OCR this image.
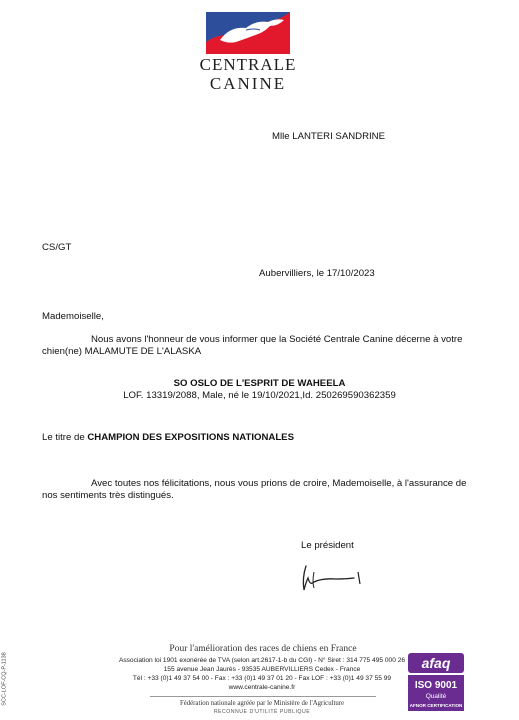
CENTRALE
CANINE
Mlle LANTERI SANDRINE
CS/GT
Aubervilliers, le 17/10/2023
Mademoiselle,
Nous avons l'honneur de vous informer que la Société Centrale Canine décerne à votre
chien(ne) MALAMUTE DE L'ALASKA
SO OSLO DE L'ESPRIT DE WAHEELA
LOF. 13319/2088, Male, né le 19/10/2021,Id. 250269590362359
Le titre de CHAMPION DES EXPOSITIONS NATIONALES
Avec toutes nos félicitations, nous vous prions de croire, Mademoiselle, à l'assurance de
nos sentiments très distingués.
Le président
SCC-LOF-CQ-P-1138
Pour l'amélioration des races de chiens en France
Association loi 1901 exonérée de TVA (selon art.2617-1-b du CGI) - N° Siret : 314 775 495 000 26
155 avenue Jean Jaurès - 93535 AUBERVILLIERS Cedex - France
Tél : +33 (0)1 49 37 54 00 - Fax : +33 (0)1 49 37 01 20 - Fax LOF : +33 (0)1 49 37 55 99
www.centrale-canine.fr
Fédération nationale agréée par le Ministère de l'Agriculture
RECONNUE D'UTILITÉ PUBLIQUE
afaq
ISO 9001
Qualité
AFNOR CERTIFICATION
